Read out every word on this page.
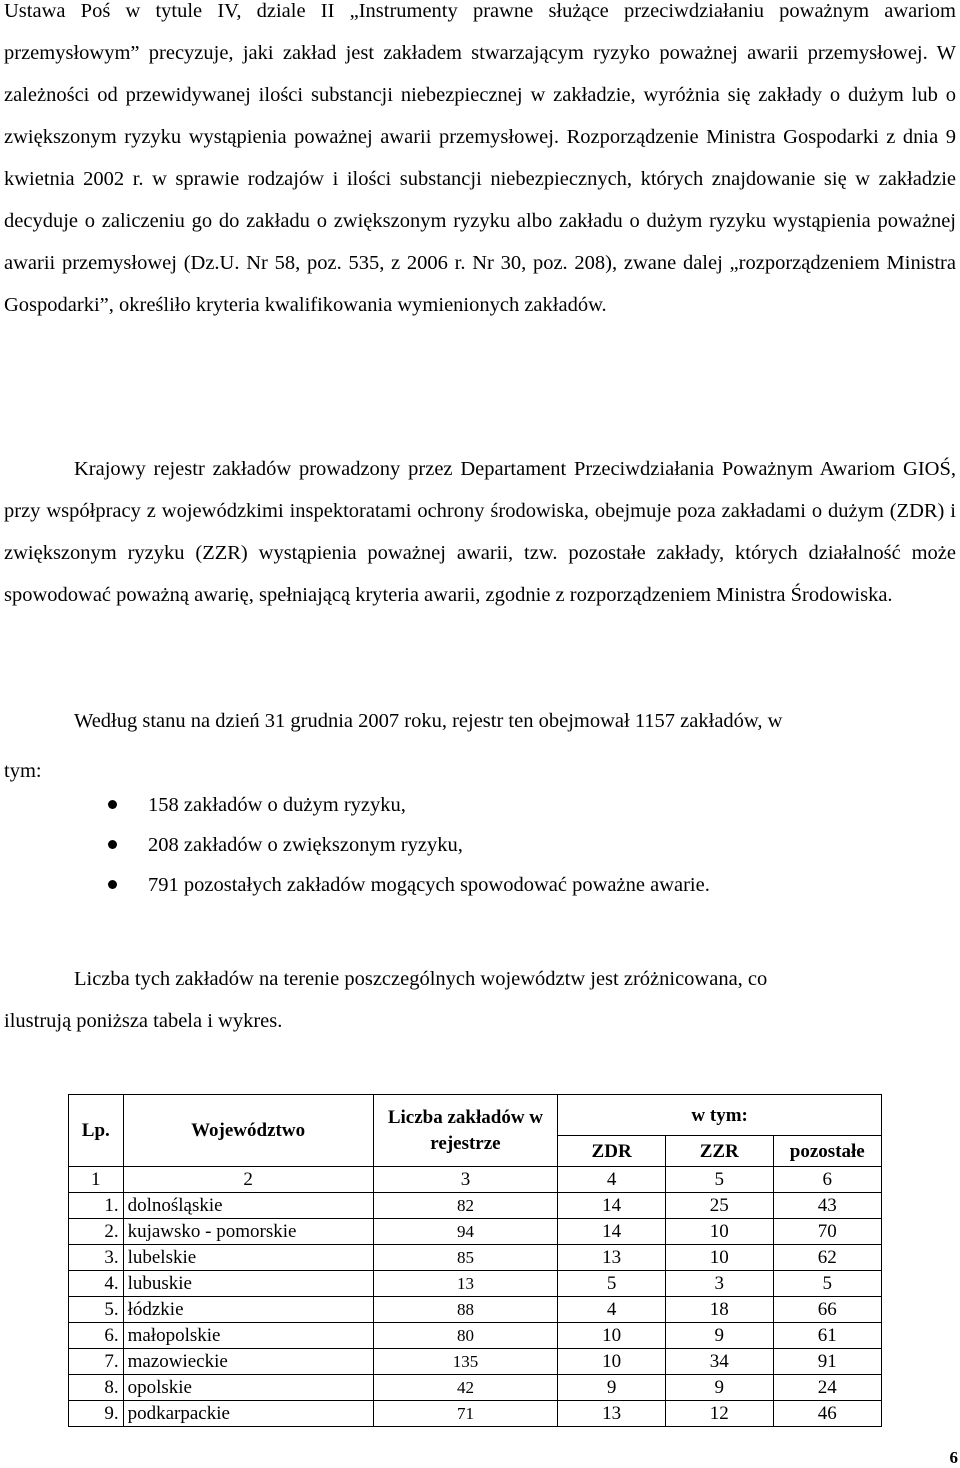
Ustawa Poś w tytule IV, dziale II „Instrumenty prawne służące przeciwdziałaniu poważnym awariom przemysłowym” precyzuje, jaki zakład jest zakładem stwarzającym ryzyko poważnej awarii przemysłowej. W zależności od przewidywanej ilości substancji niebezpiecznej w zakładzie, wyróżnia się zakłady o dużym lub o zwiększonym ryzyku wystąpienia poważnej awarii przemysłowej. Rozporządzenie Ministra Gospodarki z dnia 9 kwietnia 2002 r. w sprawie rodzajów i ilości substancji niebezpiecznych, których znajdowanie się w zakładzie decyduje o zaliczeniu go do zakładu o zwiększonym ryzyku albo zakładu o dużym ryzyku wystąpienia poważnej awarii przemysłowej (Dz.U. Nr 58, poz. 535, z 2006 r. Nr 30, poz. 208), zwane dalej „rozporządzeniem Ministra Gospodarki”, określiło kryteria kwalifikowania wymienionych zakładów.

Krajowy rejestr zakładów prowadzony przez Departament Przeciwdziałania Poważnym Awariom GIOŚ, przy współpracy z wojewódzkimi inspektoratami ochrony środowiska, obejmuje poza zakładami o dużym (ZDR) i zwiększonym ryzyku (ZZR) wystąpienia poważnej awarii, tzw. pozostałe zakłady, których działalność może spowodować poważną awarię, spełniającą kryteria awarii, zgodnie z rozporządzeniem Ministra Środowiska.

Według stanu na dzień 31 grudnia 2007 roku, rejestr ten obejmował 1157 zakładów, w
tym:

158 zakładów o dużym ryzyku,
208 zakładów o zwiększonym ryzyku,
791 pozostałych zakładów mogących spowodować poważne awarie.

Liczba tych zakładów na terenie poszczególnych województw jest zróżnicowana, co
ilustrują poniższa tabela i wykres.

Lp.	Województwo	Liczba zakładów w rejestrze	w tym:		
			ZDR	ZZR	pozostałe
1	2	3	4	5	6
1.	dolnośląskie	82	14	25	43
2.	kujawsko - pomorskie	94	14	10	70
3.	lubelskie	85	13	10	62
4.	lubuskie	13	5	3	5
5.	łódzkie	88	4	18	66
6.	małopolskie	80	10	9	61
7.	mazowieckie	135	10	34	91
8.	opolskie	42	9	9	24
9.	podkarpackie	71	13	12	46
6
